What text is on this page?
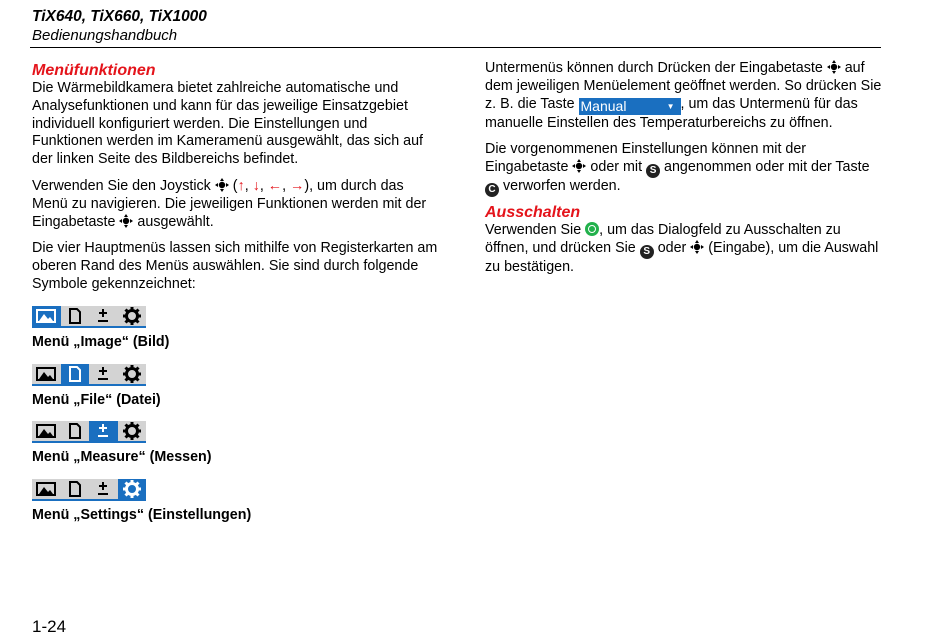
TiX640, TiX660, TiX1000
Bedienungshandbuch
Menüfunktionen

Die Wärmebildkamera bietet zahlreiche automatische und Analysefunktionen und kann für das jeweilige Einsatzgebiet individuell konfiguriert werden. Die Einstellungen und Funktionen werden im Kameramenü ausgewählt, das sich auf der linken Seite des Bildbereichs befindet.

Verwenden Sie den Joystick  (↑, ↓, ←, →), um durch das Menü zu navigieren. Die jeweiligen Funktionen werden mit der Eingabetaste  ausgewählt.

Die vier Hauptmenüs lassen sich mithilfe von Registerkarten am oberen Rand des Menüs auswählen. Sie sind durch folgende Symbole gekennzeichnet:

Menü „Image“ (Bild)
Menü „File“ (Datei)
Menü „Measure“ (Messen)
Menü „Settings“ (Einstellungen)

Untermenüs können durch Drücken der Eingabetaste  auf dem jeweiligen Menüelement geöffnet werden. So drücken Sie z. B. die Taste Manual	▼ , um das Untermenü für das manuelle Einstellen des Temperaturbereichs zu öffnen.

Die vorgenommenen Einstellungen können mit der Eingabetaste  oder mit S angenommen oder mit der Taste C verworfen werden.

Ausschalten

Verwenden Sie , um das Dialogfeld zu Ausschalten zu öffnen, und drücken Sie S oder  (Eingabe), um die Auswahl zu bestätigen.

1-24
